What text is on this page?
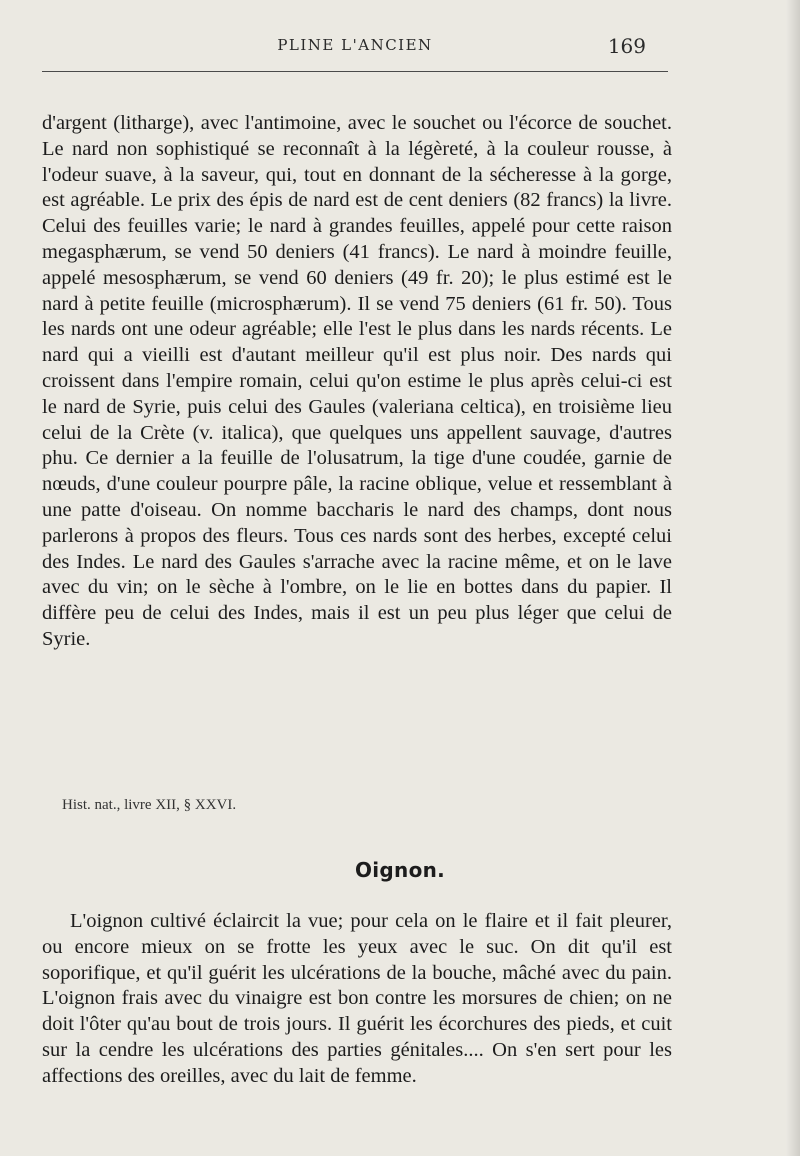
PLINE L'ANCIEN	169

d'argent (litharge), avec l'antimoine, avec le souchet ou l'écorce de souchet. Le nard non sophistiqué se reconnaît à la légèreté, à la couleur rousse, à l'odeur suave, à la saveur, qui, tout en donnant de la sécheresse à la gorge, est agréable. Le prix des épis de nard est de cent deniers (82 francs) la livre. Celui des feuilles varie; le nard à grandes feuilles, appelé pour cette raison megasphærum, se vend 50 deniers (41 francs). Le nard à moindre feuille, appelé mesosphærum, se vend 60 deniers (49 fr. 20); le plus estimé est le nard à petite feuille (microsphærum). Il se vend 75 deniers (61 fr. 50). Tous les nards ont une odeur agréable; elle l'est le plus dans les nards récents. Le nard qui a vieilli est d'autant meilleur qu'il est plus noir. Des nards qui croissent dans l'empire romain, celui qu'on estime le plus après celui-ci est le nard de Syrie, puis celui des Gaules (valeriana celtica), en troisième lieu celui de la Crète (v. italica), que quelques uns appellent sauvage, d'autres phu. Ce dernier a la feuille de l'olusatrum, la tige d'une coudée, garnie de nœuds, d'une couleur pourpre pâle, la racine oblique, velue et ressemblant à une patte d'oiseau. On nomme baccharis le nard des champs, dont nous parlerons à propos des fleurs. Tous ces nards sont des herbes, excepté celui des Indes. Le nard des Gaules s'arrache avec la racine même, et on le lave avec du vin; on le sèche à l'ombre, on le lie en bottes dans du papier. Il diffère peu de celui des Indes, mais il est un peu plus léger que celui de Syrie.

Hist. nat., livre XII, § XXVI.
Oignon.

L'oignon cultivé éclaircit la vue; pour cela on le flaire et il fait pleurer, ou encore mieux on se frotte les yeux avec le suc. On dit qu'il est soporifique, et qu'il guérit les ulcérations de la bouche, mâché avec du pain. L'oignon frais avec du vinaigre est bon contre les morsures de chien; on ne doit l'ôter qu'au bout de trois jours. Il guérit les écorchures des pieds, et cuit sur la cendre les ulcérations des parties génitales.... On s'en sert pour les affections des oreilles, avec du lait de femme.
